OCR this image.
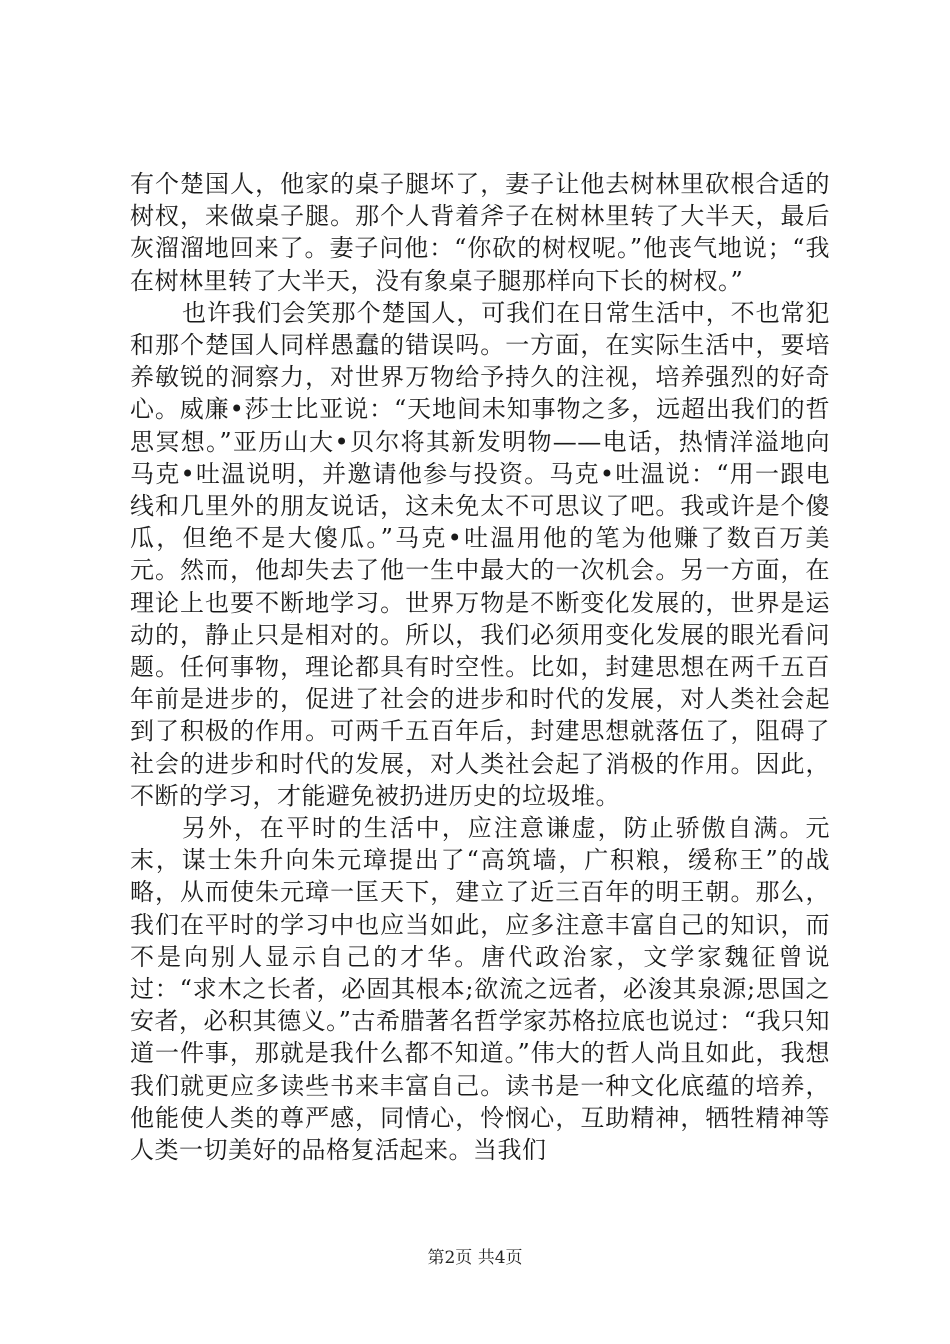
有个楚国人，他家的桌子腿坏了，妻子让他去树林里砍根合适的树杈，来做桌子腿。那个人背着斧子在树林里转了大半天，最后灰溜溜地回来了。妻子问他：“你砍的树杈呢。”他丧气地说；“我在树林里转了大半天，没有象桌子腿那样向下长的树杈。”

也许我们会笑那个楚国人，可我们在日常生活中，不也常犯和那个楚国人同样愚蠢的错误吗。一方面，在实际生活中，要培养敏锐的洞察力，对世界万物给予持久的注视，培养强烈的好奇心。威廉•莎士比亚说：“天地间未知事物之多，远超出我们的哲思冥想。”亚历山大•贝尔将其新发明物——电话，热情洋溢地向马克•吐温说明，并邀请他参与投资。马克•吐温说：“用一跟电线和几里外的朋友说话，这未免太不可思议了吧。我或许是个傻瓜，但绝不是大傻瓜。”马克•吐温用他的笔为他赚了数百万美元。然而，他却失去了他一生中最大的一次机会。另一方面，在理论上也要不断地学习。世界万物是不断变化发展的，世界是运动的，静止只是相对的。所以，我们必须用变化发展的眼光看问题。任何事物，理论都具有时空性。比如，封建思想在两千五百年前是进步的，促进了社会的进步和时代的发展，对人类社会起到了积极的作用。可两千五百年后，封建思想就落伍了，阻碍了社会的进步和时代的发展，对人类社会起了消极的作用。因此，不断的学习，才能避免被扔进历史的垃圾堆。

另外，在平时的生活中，应注意谦虚，防止骄傲自满。元末，谋士朱升向朱元璋提出了“高筑墙，广积粮，缓称王”的战略，从而使朱元璋一匡天下，建立了近三百年的明王朝。那么，我们在平时的学习中也应当如此，应多注意丰富自己的知识，而不是向别人显示自己的才华。唐代政治家，文学家魏征曾说过：“求木之长者，必固其根本;欲流之远者，必浚其泉源;思国之安者，必积其德义。”古希腊著名哲学家苏格拉底也说过：“我只知道一件事，那就是我什么都不知道。”伟大的哲人尚且如此，我想我们就更应多读些书来丰富自己。读书是一种文化底蕴的培养，他能使人类的尊严感，同情心，怜悯心，互助精神，牺牲精神等人类一切美好的品格复活起来。当我们

第2页 共4页
